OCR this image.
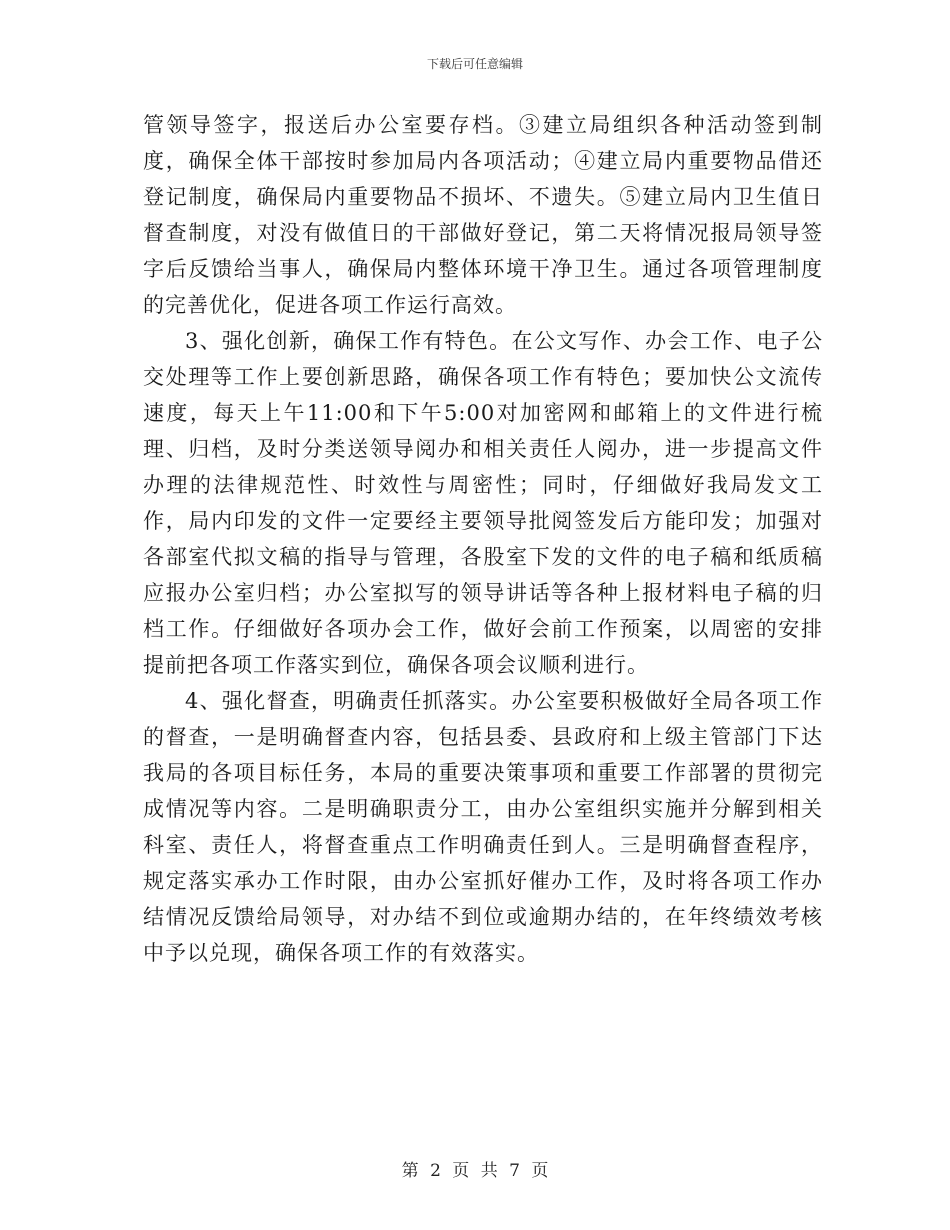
下载后可任意编辑

管领导签字，报送后办公室要存档。③建立局组织各种活动签到制度，确保全体干部按时参加局内各项活动；④建立局内重要物品借还登记制度，确保局内重要物品不损坏、不遗失。⑤建立局内卫生值日督查制度，对没有做值日的干部做好登记，第二天将情况报局领导签字后反馈给当事人，确保局内整体环境干净卫生。通过各项管理制度的完善优化，促进各项工作运行高效。

3、强化创新，确保工作有特色。在公文写作、办会工作、电子公交处理等工作上要创新思路，确保各项工作有特色；要加快公文流传速度，每天上午11:00和下午5:00对加密网和邮箱上的文件进行梳理、归档，及时分类送领导阅办和相关责任人阅办，进一步提高文件办理的法律规范性、时效性与周密性；同时，仔细做好我局发文工作，局内印发的文件一定要经主要领导批阅签发后方能印发；加强对各部室代拟文稿的指导与管理，各股室下发的文件的电子稿和纸质稿应报办公室归档；办公室拟写的领导讲话等各种上报材料电子稿的归档工作。仔细做好各项办会工作，做好会前工作预案，以周密的安排提前把各项工作落实到位，确保各项会议顺利进行。

4、强化督查，明确责任抓落实。办公室要积极做好全局各项工作的督查，一是明确督查内容，包括县委、县政府和上级主管部门下达我局的各项目标任务，本局的重要决策事项和重要工作部署的贯彻完成情况等内容。二是明确职责分工，由办公室组织实施并分解到相关科室、责任人，将督查重点工作明确责任到人。三是明确督查程序，规定落实承办工作时限，由办公室抓好催办工作，及时将各项工作办结情况反馈给局领导，对办结不到位或逾期办结的，在年终绩效考核中予以兑现，确保各项工作的有效落实。

第 2 页 共 7 页
